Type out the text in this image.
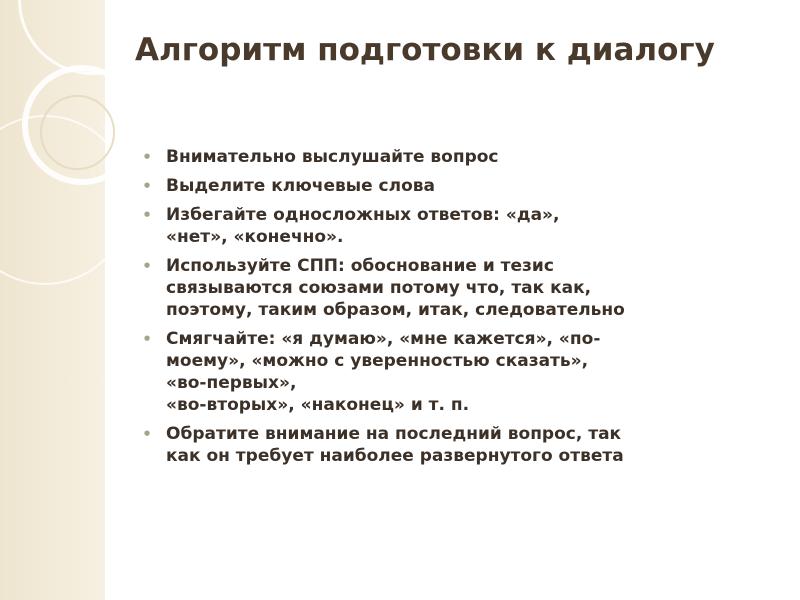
Алгоритм подготовки к диалогу
• Внимательно выслушайте вопрос
• Выделите ключевые слова
• Избегайте односложных ответов: «да»,
«нет», «конечно».
• Используйте СПП: обоснование и тезис
связываются союзами потому что, так как,
поэтому, таким образом, итак, следовательно
• Смягчайте: «я думаю», «мне кажется», «по-
моему», «можно с уверенностью сказать»,
«во-первых»,
«во-вторых», «наконец» и т. п.
• Обратите внимание на последний вопрос, так
как он требует наиболее развернутого ответа
